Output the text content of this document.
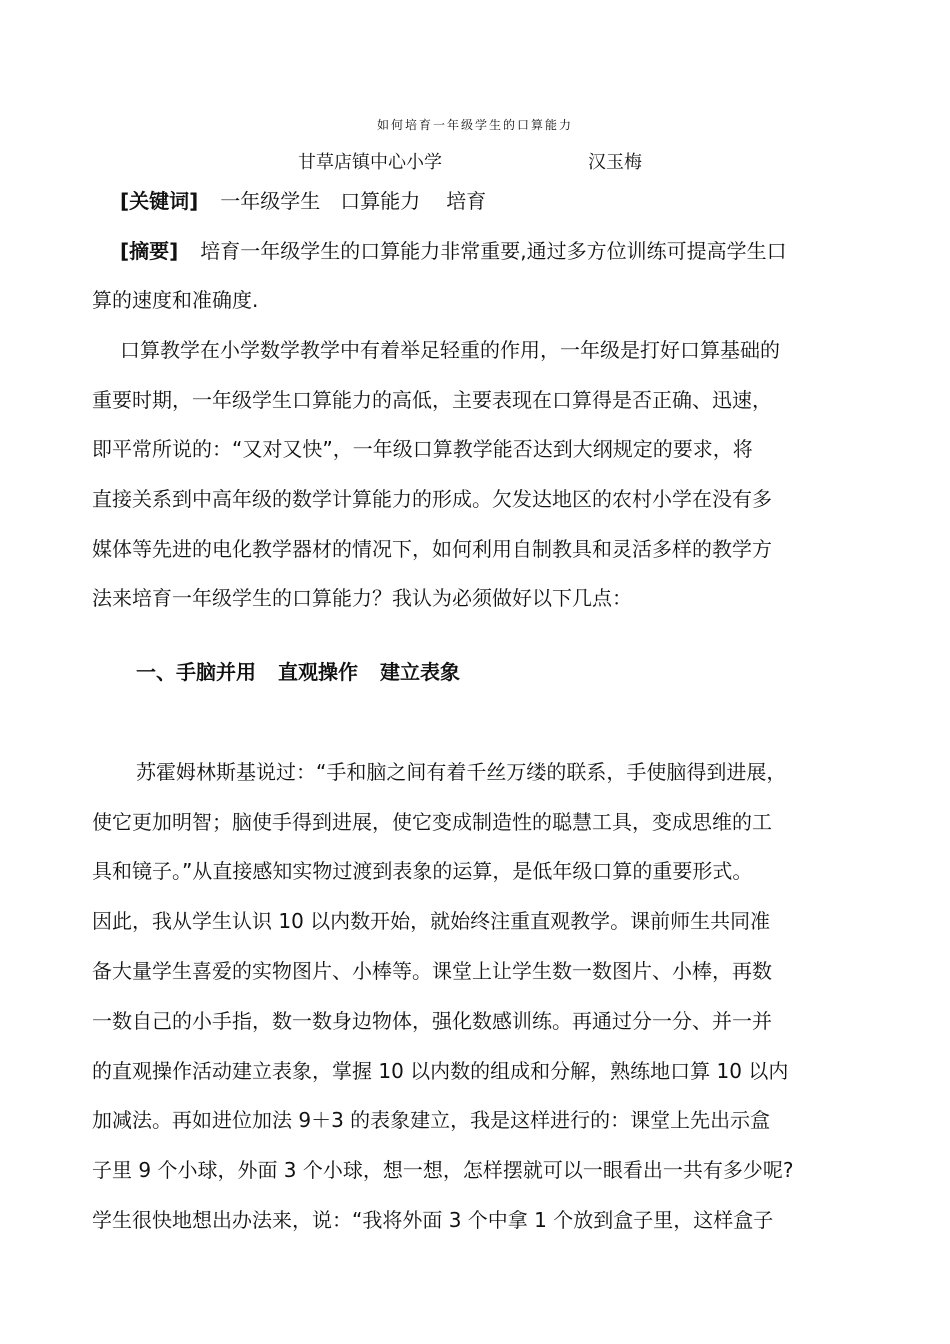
如何培育一年级学生的口算能力
甘草店镇中心小学	汉玉梅
[关键词] 一年级学生 口算能力 培育
[摘要] 培育一年级学生的口算能力非常重要,通过多方位训练可提高学生口
算的速度和准确度.
口算教学在小学数学教学中有着举足轻重的作用，一年级是打好口算基础的
重要时期，一年级学生口算能力的高低，主要表现在口算得是否正确、迅速，
即平常所说的：“又对又快”，一年级口算教学能否达到大纲规定的要求，将
直接关系到中高年级的数学计算能力的形成。欠发达地区的农村小学在没有多
媒体等先进的电化教学器材的情况下，如何利用自制教具和灵活多样的教学方
法来培育一年级学生的口算能力？我认为必须做好以下几点：
一、手脑并用 直观操作 建立表象
苏霍姆林斯基说过：“手和脑之间有着千丝万缕的联系，手使脑得到进展，
使它更加明智；脑使手得到进展，使它变成制造性的聪慧工具，变成思维的工
具和镜子。”从直接感知实物过渡到表象的运算，是低年级口算的重要形式。
因此，我从学生认识 10 以内数开始，就始终注重直观教学。课前师生共同准
备大量学生喜爱的实物图片、小棒等。课堂上让学生数一数图片、小棒，再数
一数自己的小手指，数一数身边物体，强化数感训练。再通过分一分、并一并
的直观操作活动建立表象，掌握 10 以内数的组成和分解，熟练地口算 10 以内
加减法。再如进位加法 9＋3 的表象建立，我是这样进行的：课堂上先出示盒
子里 9 个小球，外面 3 个小球，想一想，怎样摆就可以一眼看出一共有多少呢?
学生很快地想出办法来，说：“我将外面 3 个中拿 1 个放到盒子里，这样盒子
